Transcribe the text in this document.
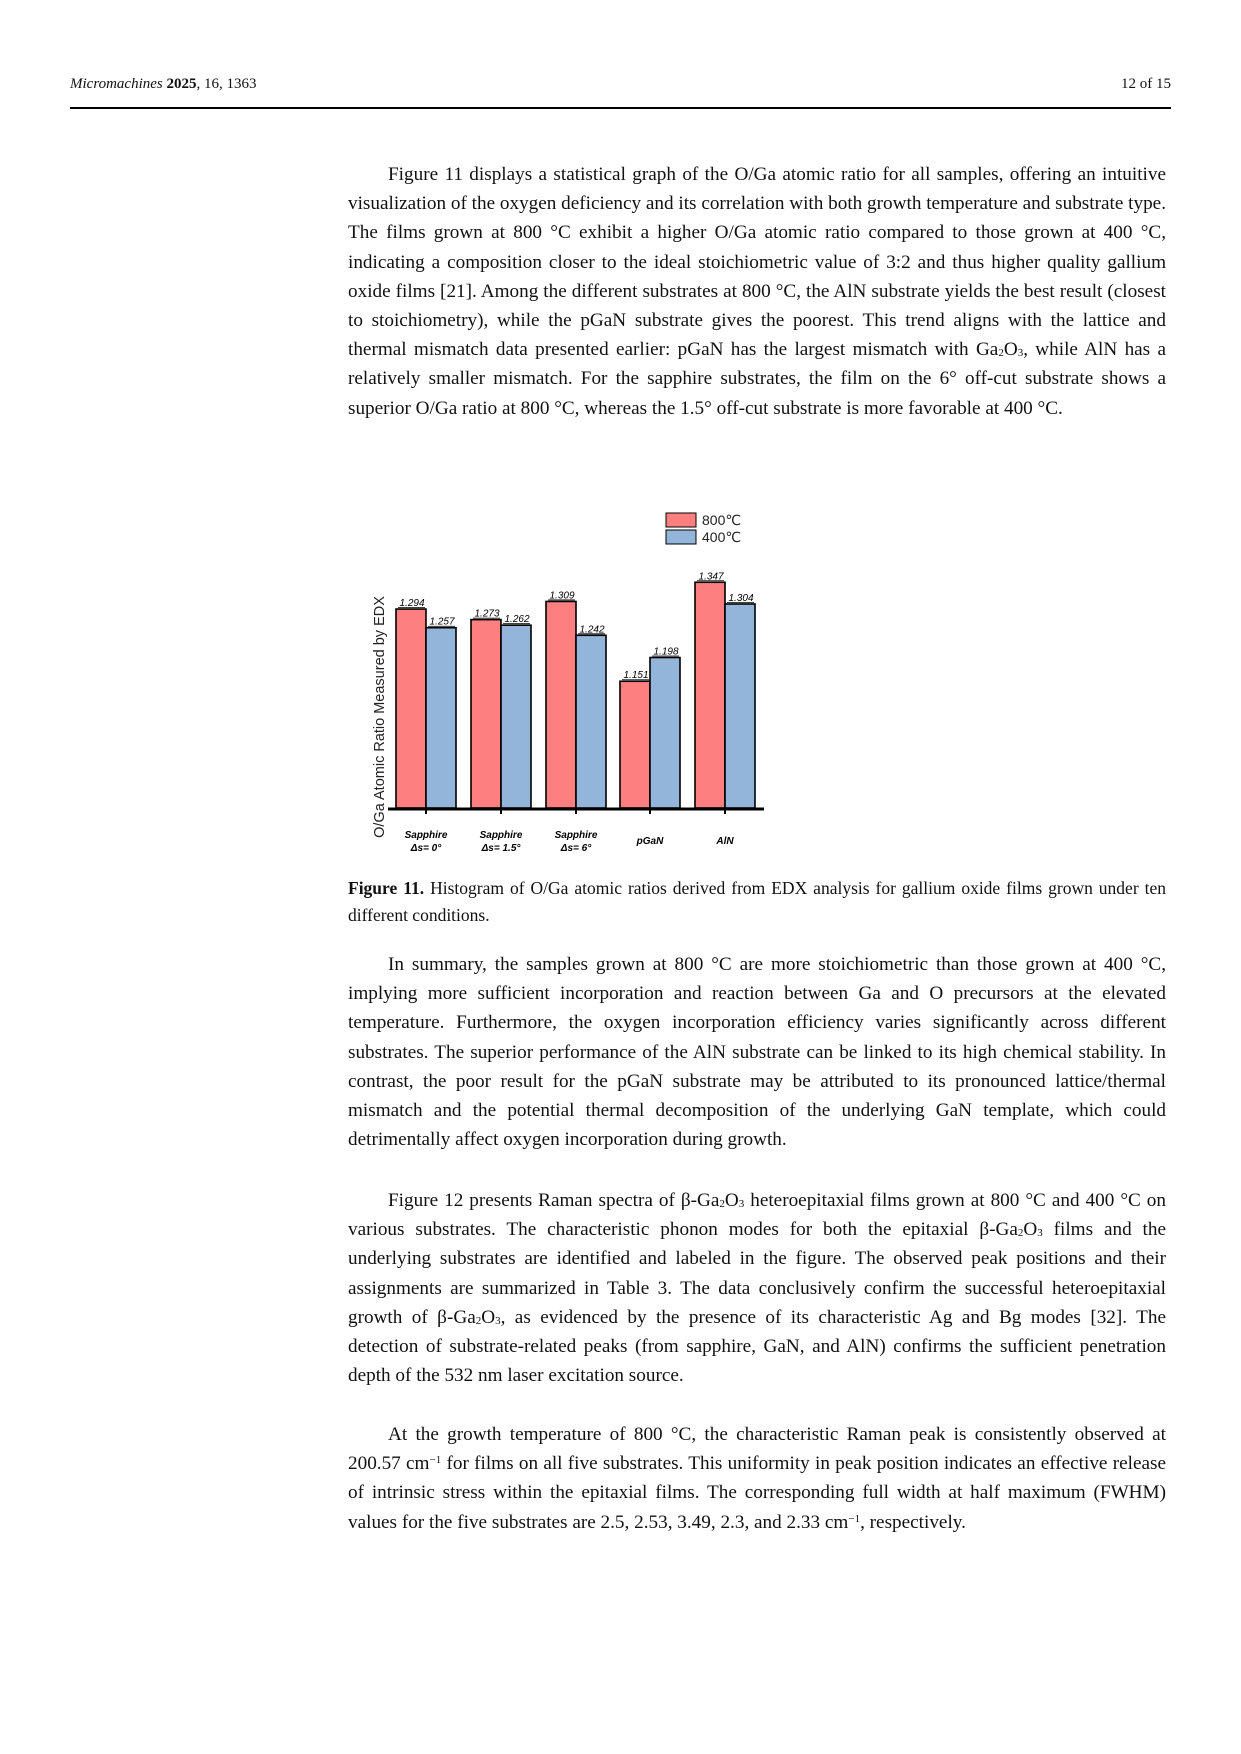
Micromachines 2025, 16, 1363	12 of 15

Figure 11 displays a statistical graph of the O/Ga atomic ratio for all samples, offering an intuitive visualization of the oxygen deficiency and its correlation with both growth temperature and substrate type. The films grown at 800 °C exhibit a higher O/Ga atomic ratio compared to those grown at 400 °C, indicating a composition closer to the ideal stoichiometric value of 3:2 and thus higher quality gallium oxide films [21]. Among the different substrates at 800 °C, the AlN substrate yields the best result (closest to stoichiometry), while the pGaN substrate gives the poorest. This trend aligns with the lattice and thermal mismatch data presented earlier: pGaN has the largest mismatch with $Ga_2O_3$, while AlN has a relatively smaller mismatch. For the sapphire substrates, the film on the 6° off-cut substrate shows a superior O/Ga ratio at 800 °C, whereas the 1.5° off-cut substrate is more favorable at 400 °C.

O/Ga Atomic Ratio Measured by EDX 1.294
1.273
1.309
1.151
1.347
1.257	1.262
1.242
1.198
1.304
Sapphire
Δs= 0°
Sapphire
Δs= 1.5°
Sapphire
Δs= 6°
pGaN	AlN
800℃
400℃
Figure 11. Histogram of O/Ga atomic ratios derived from EDX analysis for gallium oxide films grown under ten different conditions.

In summary, the samples grown at 800 °C are more stoichiometric than those grown at 400 °C, implying more sufficient incorporation and reaction between Ga and O precursors at the elevated temperature. Furthermore, the oxygen incorporation efficiency varies significantly across different substrates. The superior performance of the AlN substrate can be linked to its high chemical stability. In contrast, the poor result for the pGaN substrate may be attributed to its pronounced lattice/thermal mismatch and the potential thermal decomposition of the underlying GaN template, which could detrimentally affect oxygen incorporation during growth.

Figure 12 presents Raman spectra of $\beta-Ga_2O_3$ heteroepitaxial films grown at 800 °C and 400 °C on various substrates. The characteristic phonon modes for both the epitaxial $\beta-Ga_2O_3$ films and the underlying substrates are identified and labeled in the figure. The observed peak positions and their assignments are summarized in Table 3. The data conclusively confirm the successful heteroepitaxial growth of $\beta-Ga_2O_3$, as evidenced by the presence of its characteristic Ag and Bg modes [32]. The detection of substrate-related peaks (from sapphire, GaN, and AlN) confirms the sufficient penetration depth of the 532 nm laser excitation source.

At the growth temperature of 800 °C, the characteristic Raman peak is consistently observed at 200.57 $cm^{-1}$ for films on all five substrates. This uniformity in peak position indicates an effective release of intrinsic stress within the epitaxial films. The corresponding full width at half maximum (FWHM) values for the five substrates are 2.5, 2.53, 3.49, 2.3, and 2.33 $cm^{-1}$, respectively.
